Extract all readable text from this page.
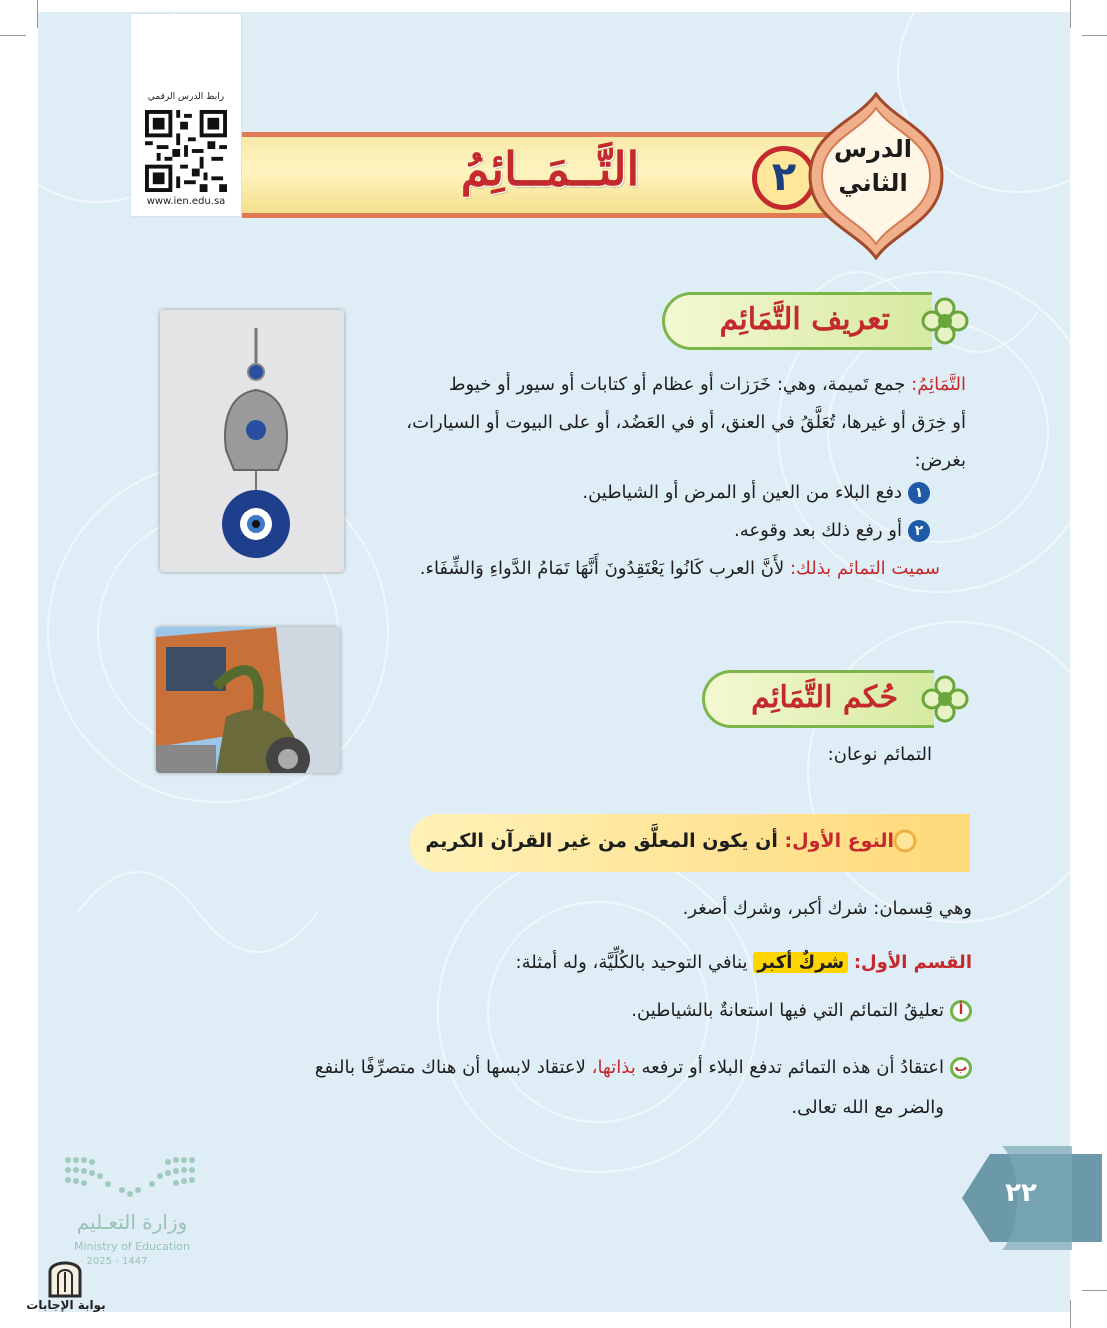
رابط الدرس الرقمي
www.ien.edu.sa
التَّــمَــائِمُ	٢
الدرس
الثاني
تعريف التَّمَائِم
التَّمَائِمُ: جمع تَميمة، وهي: خَرَزات أو عظام أو كتابات أو سيور أو خيوط
أو خِرَق أو غيرها، تُعَلَّقُ في العنق، أو في العَضُد، أو على البيوت أو السيارات،
بغرض:
١دفع البلاء من العين أو المرض أو الشياطين.
٢أو رفع ذلك بعد وقوعه.
سميت التمائم بذلك: لأَنَّ العرب كَانُوا يَعْتَقِدُونَ أَنَّهَا تَمَامُ الدَّواءِ وَالشِّفَاء.
حُكم التَّمَائِم
التمائم نوعان:
النوع الأول: أن يكون المعلَّق من غير القرآن الكريم
وهي قِسمان: شرك أكبر، وشرك أصغر.
القسم الأول: شركٌ أكبر ينافي التوحيد بالكُلِّيَّة، وله أمثلة:
أتعليقُ التمائم التي فيها استعانةٌ بالشياطين.
باعتقادُ أن هذه التمائم تدفع البلاء أو ترفعه بذاتها، لاعتقاد لابسها أن هناك متصرِّفًا بالنفع
والضر مع الله تعالى.
٢٢
وزارة التعـليم
Ministry of Education
2025 - 1447
بوابة الإجابات
